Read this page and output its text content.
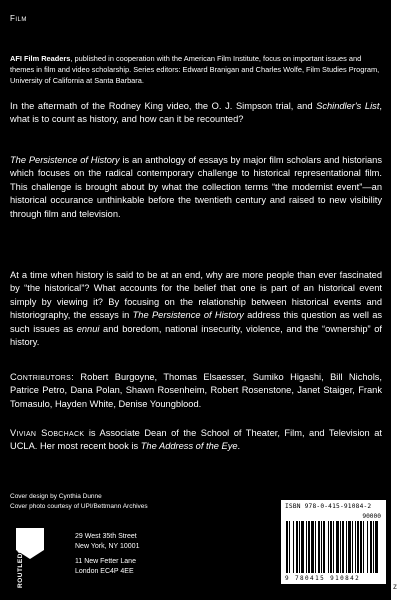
Film
AFI Film Readers, published in cooperation with the American Film Institute, focus on important issues and themes in film and video scholarship. Series editors: Edward Branigan and Charles Wolfe, Film Studies Program, University of California at Santa Barbara.
In the aftermath of the Rodney King video, the O. J. Simpson trial, and Schindler's List, what is to count as history, and how can it be recounted?
The Persistence of History is an anthology of essays by major film scholars and historians which focuses on the radical contemporary challenge to historical representational film. This challenge is brought about by what the collection terms “the modernist event”—an historical occurance unthinkable before the twentieth century and raised to new visibility through film and television.
At a time when history is said to be at an end, why are more people than ever fascinated by “the historical”? What accounts for the belief that one is part of an historical event simply by viewing it? By focusing on the relationship between historical events and historiography, the essays in The Persistence of History address this question as well as such issues as ennui and boredom, national insecurity, violence, and the “ownership” of history.
Contributors: Robert Burgoyne, Thomas Elsaesser, Sumiko Higashi, Bill Nichols, Patrice Petro, Dana Polan, Shawn Rosenheim, Robert Rosenstone, Janet Staiger, Frank Tomasulo, Hayden White, Denise Youngblood.
Vivian Sobchack is Associate Dean of the School of Theater, Film, and Television at UCLA. Her most recent book is The Address of the Eye.
Cover design by Cynthia Dunne
Cover photo courtesy of UPI/Bettmann Archives
ROUTLEDGE
29 West 35th Street
New York, NY 10001
11 New Fetter Lane
London EC4P 4EE
ISBN 978-0-415-91084-2
90000
9 780415 910842
z
